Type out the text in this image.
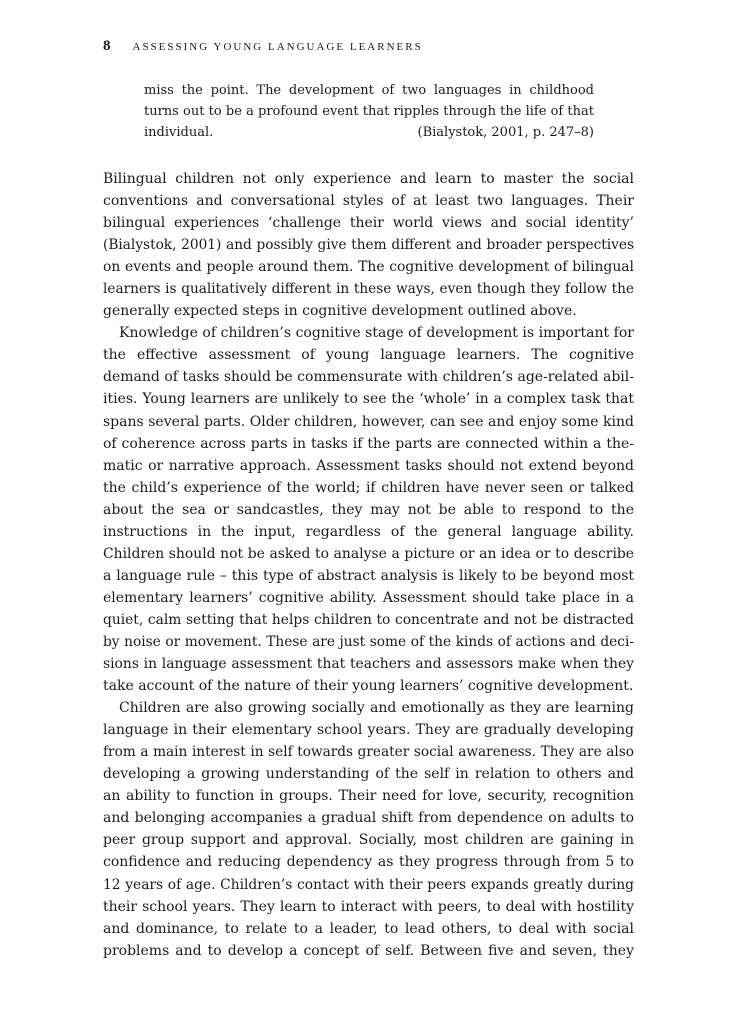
8 ASSESSING YOUNG LANGUAGE LEARNERS
miss the point. The development of two languages in childhood
turns out to be a profound event that ripples through the life of that
individual.	(Bialystok, 2001, p. 247–8)

Bilingual children not only experience and learn to master the social
conventions and conversational styles of at least two languages. Their
bilingual experiences ‘challenge their world views and social identity’
(Bialystok, 2001) and possibly give them different and broader perspectives
on events and people around them. The cognitive development of bilingual
learners is qualitatively different in these ways, even though they follow the
generally expected steps in cognitive development outlined above.

Knowledge of children’s cognitive stage of development is important for
the effective assessment of young language learners. The cognitive
demand of tasks should be commensurate with children’s age-related abil-
ities. Young learners are unlikely to see the ‘whole’ in a complex task that
spans several parts. Older children, however, can see and enjoy some kind
of coherence across parts in tasks if the parts are connected within a the-
matic or narrative approach. Assessment tasks should not extend beyond
the child’s experience of the world; if children have never seen or talked
about the sea or sandcastles, they may not be able to respond to the
instructions in the input, regardless of the general language ability.
Children should not be asked to analyse a picture or an idea or to describe
a language rule – this type of abstract analysis is likely to be beyond most
elementary learners’ cognitive ability. Assessment should take place in a
quiet, calm setting that helps children to concentrate and not be distracted
by noise or movement. These are just some of the kinds of actions and deci-
sions in language assessment that teachers and assessors make when they
take account of the nature of their young learners’ cognitive development.

Children are also growing socially and emotionally as they are learning
language in their elementary school years. They are gradually developing
from a main interest in self towards greater social awareness. They are also
developing a growing understanding of the self in relation to others and
an ability to function in groups. Their need for love, security, recognition
and belonging accompanies a gradual shift from dependence on adults to
peer group support and approval. Socially, most children are gaining in
confidence and reducing dependency as they progress through from 5 to
12 years of age. Children’s contact with their peers expands greatly during
their school years. They learn to interact with peers, to deal with hostility
and dominance, to relate to a leader, to lead others, to deal with social
problems and to develop a concept of self. Between five and seven, they
